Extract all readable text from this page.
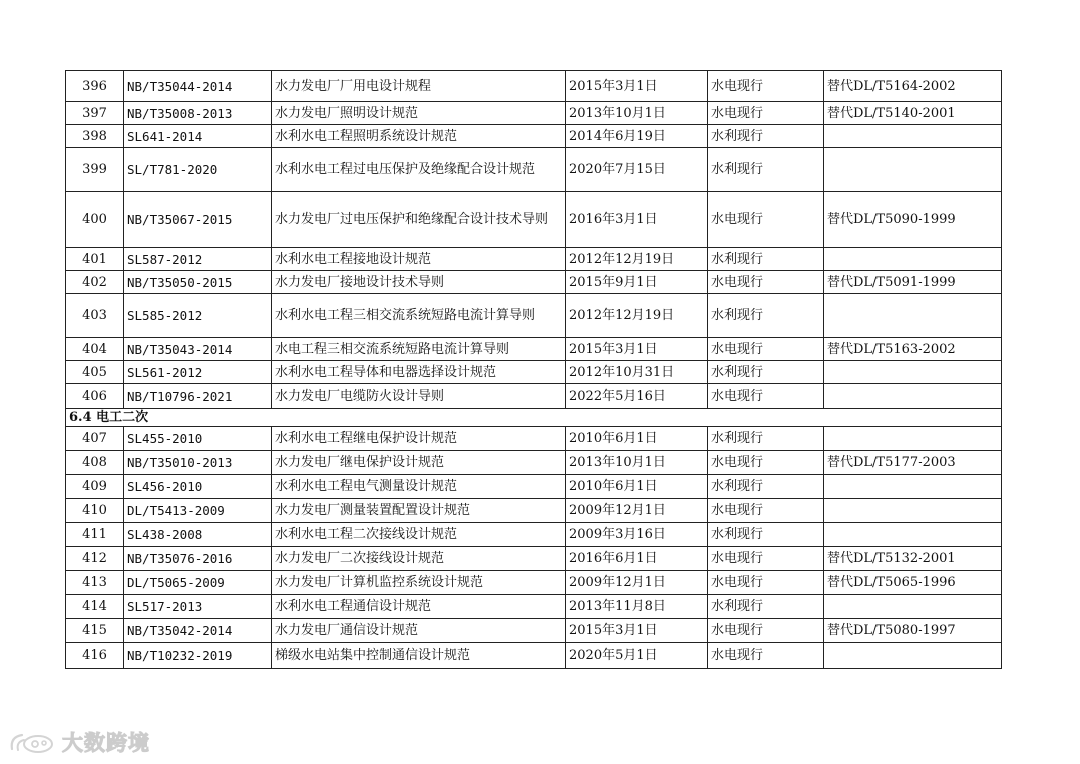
396	NB/T35044-2014	水力发电厂厂用电设计规程	2015年3月1日	水电现行	替代DL/T5164-2002
397	NB/T35008-2013	水力发电厂照明设计规范	2013年10月1日	水电现行	替代DL/T5140-2001
398	SL641-2014	水利水电工程照明系统设计规范	2014年6月19日	水利现行	
399	SL/T781-2020	水利水电工程过电压保护及绝缘配合设计规范	2020年7月15日	水利现行	
400	NB/T35067-2015	水力发电厂过电压保护和绝缘配合设计技术导则	2016年3月1日	水电现行	替代DL/T5090-1999
401	SL587-2012	水利水电工程接地设计规范	2012年12月19日	水利现行	
402	NB/T35050-2015	水力发电厂接地设计技术导则	2015年9月1日	水电现行	替代DL/T5091-1999
403	SL585-2012	水利水电工程三相交流系统短路电流计算导则	2012年12月19日	水利现行	
404	NB/T35043-2014	水电工程三相交流系统短路电流计算导则	2015年3月1日	水电现行	替代DL/T5163-2002
405	SL561-2012	水利水电工程导体和电器选择设计规范	2012年10月31日	水利现行	
406	NB/T10796-2021	水力发电厂电缆防火设计导则	2022年5月16日	水电现行	
6.4 电工二次					
407	SL455-2010	水利水电工程继电保护设计规范	2010年6月1日	水利现行	
408	NB/T35010-2013	水力发电厂继电保护设计规范	2013年10月1日	水电现行	替代DL/T5177-2003
409	SL456-2010	水利水电工程电气测量设计规范	2010年6月1日	水利现行	
410	DL/T5413-2009	水力发电厂测量装置配置设计规范	2009年12月1日	水电现行	
411	SL438-2008	水利水电工程二次接线设计规范	2009年3月16日	水利现行	
412	NB/T35076-2016	水力发电厂二次接线设计规范	2016年6月1日	水电现行	替代DL/T5132-2001
413	DL/T5065-2009	水力发电厂计算机监控系统设计规范	2009年12月1日	水电现行	替代DL/T5065-1996
414	SL517-2013	水利水电工程通信设计规范	2013年11月8日	水利现行	
415	NB/T35042-2014	水力发电厂通信设计规范	2015年3月1日	水电现行	替代DL/T5080-1997
416	NB/T10232-2019	梯级水电站集中控制通信设计规范	2020年5月1日	水电现行	
大数跨境
